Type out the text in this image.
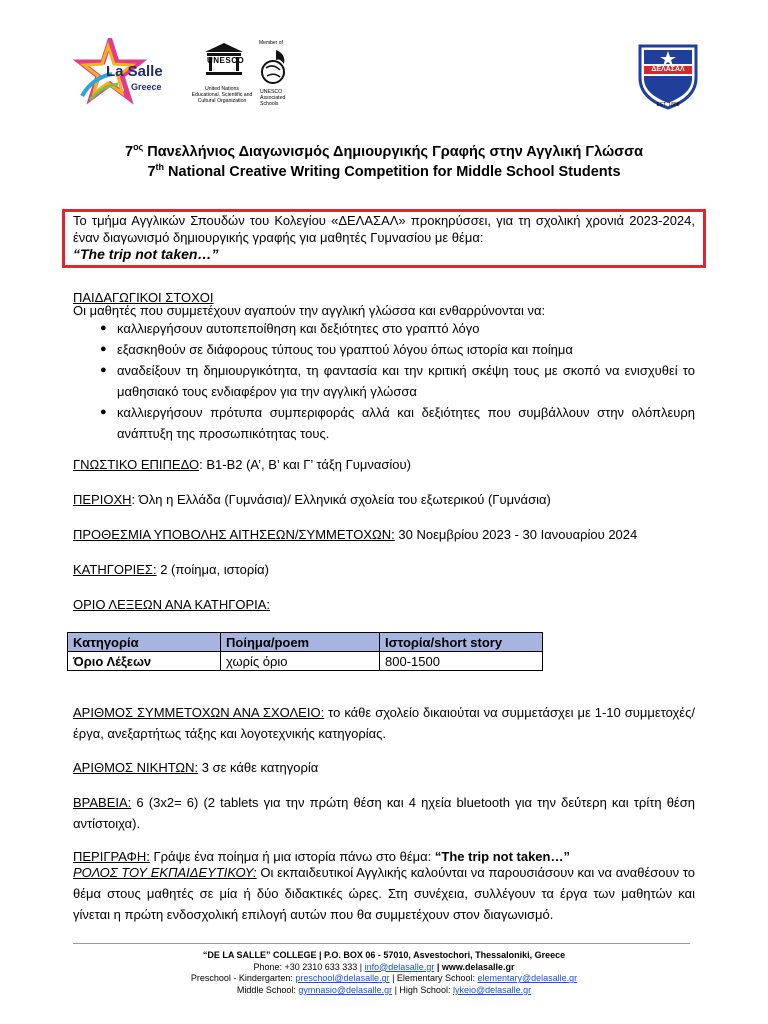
La Salle
Greece
UNESCO
United Nations
Educational, Scientific and
Cultural Organization
Member of
UNESCO
Associated
Schools
ΔΕΛΑΣΑΛ
EST. 1888
$7^{o\varsigma}$ Πανελλήνιος Διαγωνισμός Δημιουργικής Γραφής στην Αγγλική Γλώσσα
7th National Creative Writing Competition for Middle School Students
Το τμήμα Αγγλικών Σπουδών του Κολεγίου «ΔΕΛΑΣΑΛ» προκηρύσσει, για τη σχολική χρονιά 2023-2024, έναν διαγωνισμό δημιουργικής γραφής για μαθητές Γυμνασίου με θέμα:
“The trip not taken…”
ΠΑΙΔΑΓΩΓΙΚΟΙ ΣΤΟΧΟΙ
Οι μαθητές που συμμετέχουν αγαπούν την αγγλική γλώσσα και ενθαρρύνονται να:
● καλλιεργήσουν αυτοπεποίθηση και δεξιότητες στο γραπτό λόγο
● εξασκηθούν σε διάφορους τύπους του γραπτού λόγου όπως ιστορία και ποίημα
● αναδείξουν τη δημιουργικότητα, τη φαντασία και την κριτική σκέψη τους με σκοπό να ενισχυθεί το μαθησιακό τους ενδιαφέρον για την αγγλική γλώσσα
● καλλιεργήσουν πρότυπα συμπεριφοράς αλλά και δεξιότητες που συμβάλλουν στην ολόπλευρη ανάπτυξη της προσωπικότητας τους.
ΓΝΩΣΤΙΚΟ ΕΠΙΠΕΔΟ: B1-B2 (Α’, Β’ και Γ’ τάξη Γυμνασίου)
ΠΕΡΙΟΧΗ: Όλη η Ελλάδα (Γυμνάσια)/ Ελληνικά σχολεία του εξωτερικού (Γυμνάσια)
ΠΡΟΘΕΣΜΙΑ ΥΠΟΒΟΛΗΣ ΑΙΤΗΣΕΩΝ/ΣΥΜΜΕΤΟΧΩΝ: 30 Νοεμβρίου 2023 - 30 Ιανουαρίου 2024
ΚΑΤΗΓΟΡΙΕΣ: 2 (ποίημα, ιστορία)
ΟΡΙΟ ΛΕΞΕΩΝ ΑΝΑ ΚΑΤΗΓΟΡΙΑ:
Κατηγορία	Ποίημα/poem	Ιστορία/short story
Όριο Λέξεων	χωρίς όριο	800-1500
ΑΡΙΘΜΟΣ ΣΥΜΜΕΤΟΧΩΝ ΑΝΑ ΣΧΟΛΕΙΟ: το κάθε σχολείο δικαιούται να συμμετάσχει με 1-10 συμμετοχές/έργα, ανεξαρτήτως τάξης και λογοτεχνικής κατηγορίας.
ΑΡΙΘΜΟΣ ΝΙΚΗΤΩΝ: 3 σε κάθε κατηγορία
ΒΡΑΒΕΙΑ: 6 (3x2= 6) (2 tablets για την πρώτη θέση και 4 ηχεία bluetooth για την δεύτερη και τρίτη θέση αντίστοιχα).
ΠΕΡΙΓΡΑΦΗ: Γράψε ένα ποίημα ή μια ιστορία πάνω στο θέμα: “The trip not taken…”
ΡΟΛΟΣ ΤΟΥ ΕΚΠΑΙΔΕΥΤΙΚΟΥ: Οι εκπαιδευτικοί Αγγλικής καλούνται να παρουσιάσουν και να αναθέσουν το θέμα στους μαθητές σε μία ή δύο διδακτικές ώρες. Στη συνέχεια, συλλέγουν τα έργα των μαθητών και γίνεται η πρώτη ενδοσχολική επιλογή αυτών που θα συμμετέχουν στον διαγωνισμό.
“DE LA SALLE” COLLEGE | P.O. BOX 06 - 57010, Asvestochori, Thessaloniki, Greece
Phone: +30 2310 633 333 | info@delasalle.gr | www.delasalle.gr
Preschool - Kindergarten: preschool@delasalle.gr | Elementary School: elementary@delasalle.gr
Middle School: gymnasio@delasalle.gr | High School: lykeio@delasalle.gr
